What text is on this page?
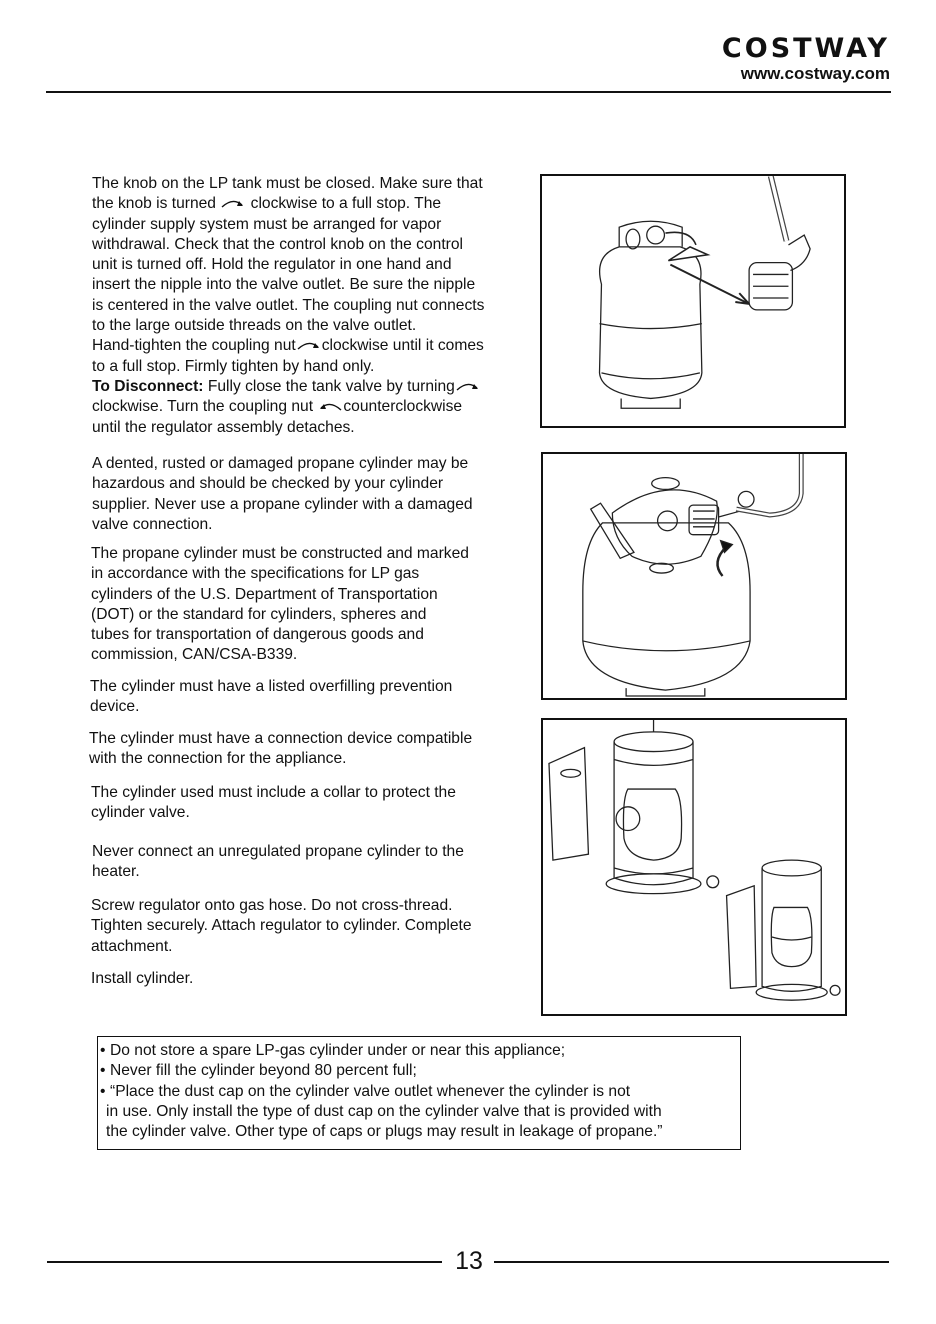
COSTWAY
www.costway.com
The knob on the LP tank must be closed. Make sure that
the knob is turned  clockwise to a full stop. The
cylinder supply system must be arranged for vapor
withdrawal. Check that the control knob on the control
unit is turned off. Hold the regulator in one hand and
insert the nipple into the valve outlet. Be sure the nipple
is centered in the valve outlet. The coupling nut connects
to the large outside threads on the valve outlet.
Hand-tighten the coupling nut clockwise until it comes
to a full stop. Firmly tighten by hand only.
To Disconnect: Fully close the tank valve by turning
clockwise. Turn the coupling nut counterclockwise
until the regulator assembly detaches.
A dented, rusted or damaged propane cylinder may be
hazardous and should be checked by your cylinder
supplier. Never use a propane cylinder with a damaged
valve connection.
The propane cylinder must be constructed and marked
in accordance with the specifications for LP gas
cylinders of the U.S. Department of Transportation
(DOT) or the standard for cylinders, spheres and
tubes for transportation of dangerous goods and
commission, CAN/CSA-B339.
The cylinder must have a listed overfilling prevention
device.
The cylinder must have a connection device compatible
with the connection for the appliance.
The cylinder used must include a collar to protect the
cylinder valve.
Never connect an unregulated propane cylinder to the
heater.
Screw regulator onto gas hose. Do not cross-thread.
Tighten securely. Attach regulator to cylinder. Complete
attachment.
Install cylinder.
• Do not store a spare LP-gas cylinder under or near this appliance;
• Never fill the cylinder beyond 80 percent full;
• “Place the dust cap on the cylinder valve outlet whenever the cylinder is not
in use. Only install the type of dust cap on the cylinder valve that is provided with
the cylinder valve. Other type of caps or plugs may result in leakage of propane.”
13
